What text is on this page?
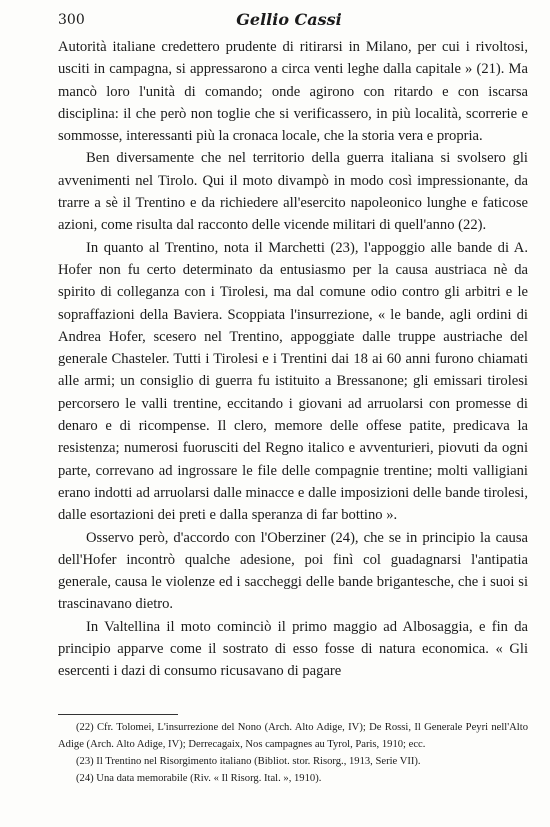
300	Gellio Cassi

Autorità italiane credettero prudente di ritirarsi in Milano, per cui i rivoltosi, usciti in campagna, si appressarono a circa venti leghe dalla capitale » (21). Ma mancò loro l'unità di comando; onde agirono con ritardo e con iscarsa disciplina: il che però non toglie che si verificassero, in più località, scorrerie e sommosse, interessanti più la cronaca locale, che la storia vera e propria.

Ben diversamente che nel territorio della guerra italiana si svolsero gli avvenimenti nel Tirolo. Qui il moto divampò in modo così impressionante, da trarre a sè il Trentino e da richiedere all'esercito napoleonico lunghe e faticose azioni, come risulta dal racconto delle vicende militari di quell'anno (22).

In quanto al Trentino, nota il Marchetti (23), l'appoggio alle bande di A. Hofer non fu certo determinato da entusiasmo per la causa austriaca nè da spirito di colleganza con i Tirolesi, ma dal comune odio contro gli arbitri e le sopraffazioni della Baviera. Scoppiata l'insurrezione, « le bande, agli ordini di Andrea Hofer, scesero nel Trentino, appoggiate dalle truppe austriache del generale Chasteler. Tutti i Tirolesi e i Trentini dai 18 ai 60 anni furono chiamati alle armi; un consiglio di guerra fu istituito a Bressanone; gli emissari tirolesi percorsero le valli trentine, eccitando i giovani ad arruolarsi con promesse di denaro e di ricompense. Il clero, memore delle offese patite, predicava la resistenza; numerosi fuorusciti del Regno italico e avventurieri, piovuti da ogni parte, correvano ad ingrossare le file delle compagnie trentine; molti valligiani erano indotti ad arruolarsi dalle minacce e dalle imposizioni delle bande tirolesi, dalle esortazioni dei preti e dalla speranza di far bottino ».

Osservo però, d'accordo con l'Oberziner (24), che se in principio la causa dell'Hofer incontrò qualche adesione, poi finì col guadagnarsi l'antipatia generale, causa le violenze ed i saccheggi delle bande brigantesche, che i suoi si trascinavano dietro.

In Valtellina il moto cominciò il primo maggio ad Albosaggia, e fin da principio apparve come il sostrato di esso fosse di natura economica. « Gli esercenti i dazi di consumo ricusavano di pagare

(22) Cfr. Tolomei, L'insurrezione del Nono (Arch. Alto Adige, IV); De Rossi, Il Generale Peyri nell'Alto Adige (Arch. Alto Adige, IV); Derrecagaix, Nos campagnes au Tyrol, Paris, 1910; ecc.

(23) Il Trentino nel Risorgimento italiano (Bibliot. stor. Risorg., 1913, Serie VII).

(24) Una data memorabile (Riv. « Il Risorg. Ital. », 1910).
